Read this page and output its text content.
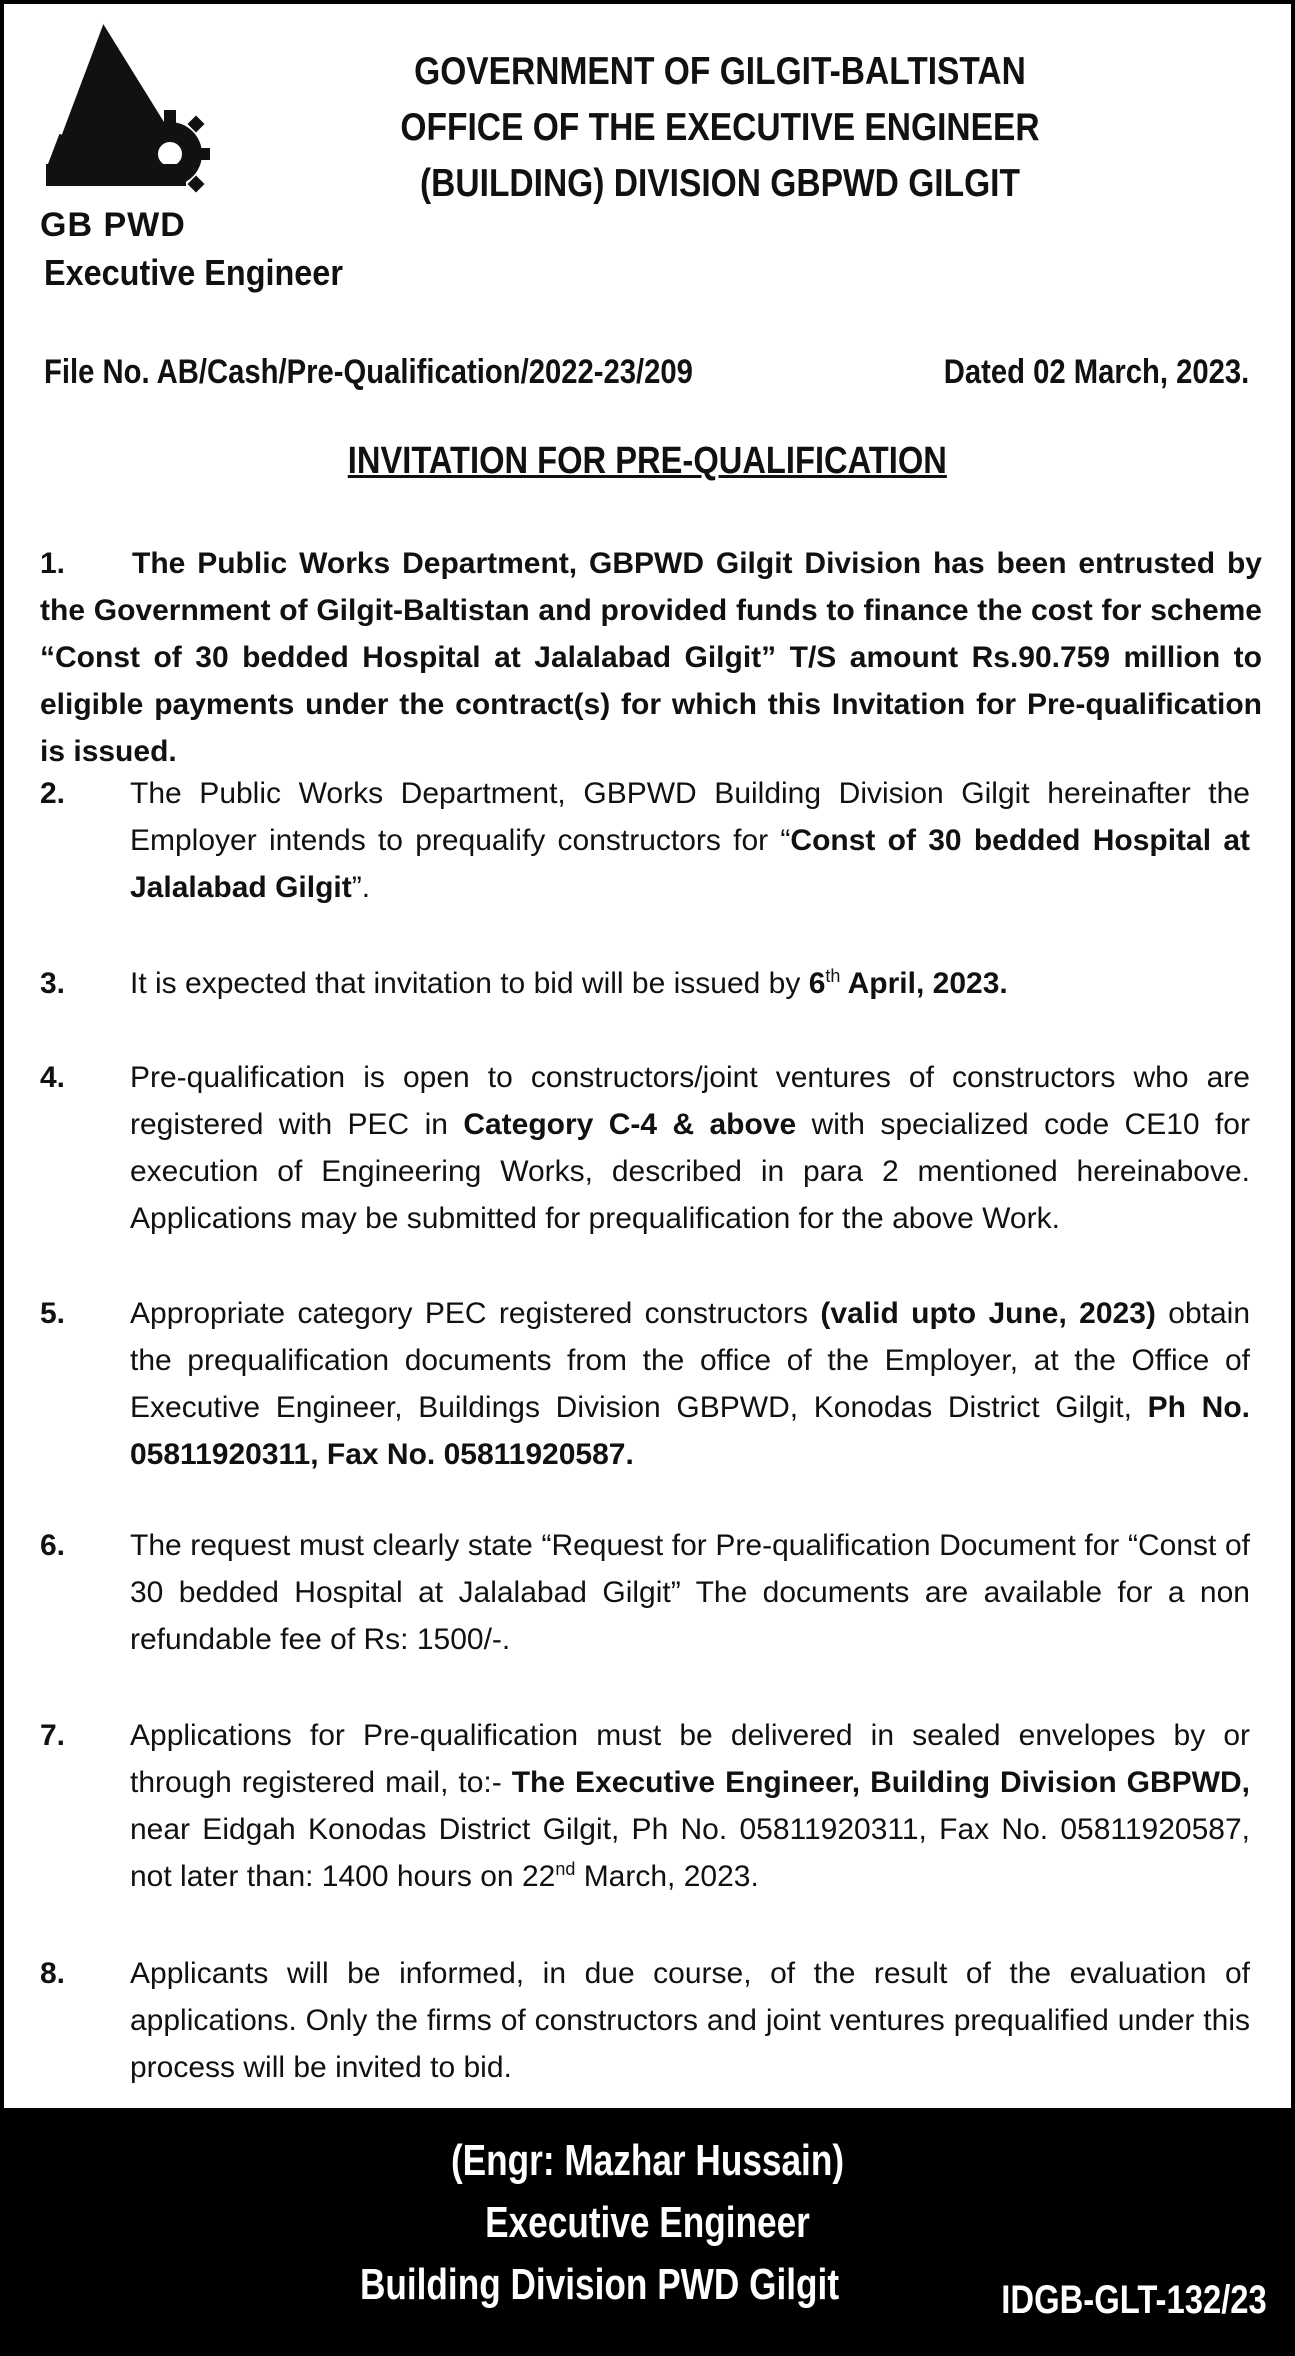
GB PWD
GOVERNMENT OF GILGIT-BALTISTAN
OFFICE OF THE EXECUTIVE ENGINEER
(BUILDING) DIVISION GBPWD GILGIT
Executive Engineer
File No. AB/Cash/Pre-Qualification/2022-23/209	Dated 02 March, 2023.
INVITATION FOR PRE-QUALIFICATION
1.	The Public Works Department, GBPWD Gilgit Division has been entrusted by the Government of Gilgit-Baltistan and provided funds to finance the cost for scheme “Const of 30 bedded Hospital at Jalalabad Gilgit” T/S amount Rs.90.759 million to eligible payments under the contract(s) for which this Invitation for Pre-qualification is issued.
2. The Public Works Department, GBPWD Building Division Gilgit hereinafter the Employer intends to prequalify constructors for “Const of 30 bedded Hospital at Jalalabad Gilgit”.
3. It is expected that invitation to bid will be issued by 6th April, 2023.
4. Pre-qualification is open to constructors/joint ventures of constructors who are registered with PEC in Category C-4 & above with specialized code CE10 for execution of Engineering Works, described in para 2 mentioned hereinabove. Applications may be submitted for prequalification for the above Work.
5. Appropriate category PEC registered constructors (valid upto June, 2023) obtain the prequalification documents from the office of the Employer, at the Office of Executive Engineer, Buildings Division GBPWD, Konodas District Gilgit, Ph No. 05811920311, Fax No. 05811920587.
6. The request must clearly state “Request for Pre-qualification Document for “Const of 30 bedded Hospital at Jalalabad Gilgit” The documents are available for a non refundable fee of Rs: 1500/-.
7. Applications for Pre-qualification must be delivered in sealed envelopes by or through registered mail, to:- The Executive Engineer, Building Division GBPWD, near Eidgah Konodas District Gilgit, Ph No. 05811920311, Fax No. 05811920587, not later than: 1400 hours on 22nd March, 2023.
8. Applicants will be informed, in due course, of the result of the evaluation of applications. Only the firms of constructors and joint ventures prequalified under this process will be invited to bid.
(Engr: Mazhar Hussain)
Executive Engineer
Building Division PWD Gilgit	IDGB-GLT-132/23
